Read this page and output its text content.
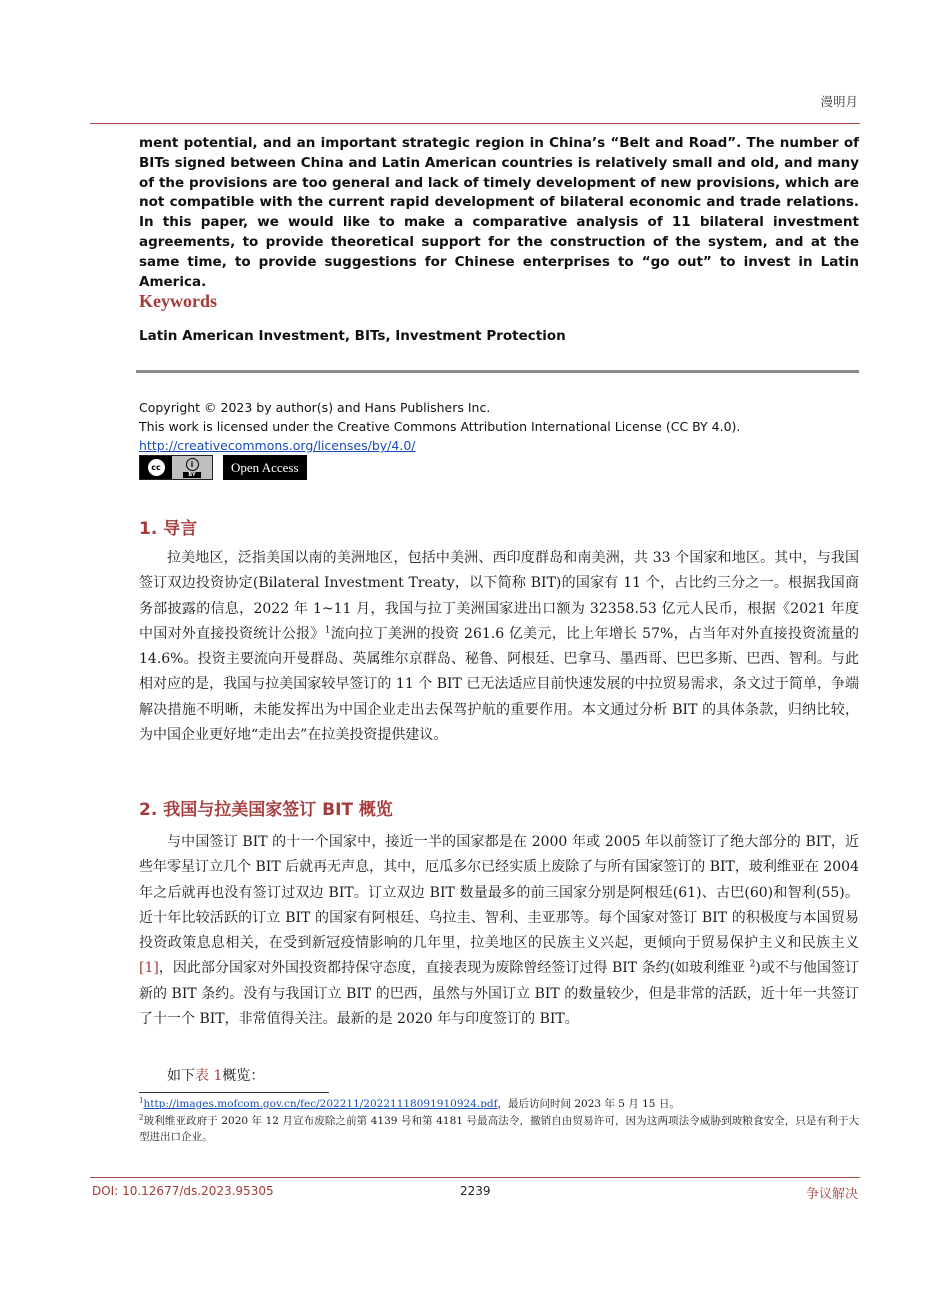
漫明月
ment potential, and an important strategic region in China’s “Belt and Road”. The number of BITs signed between China and Latin American countries is relatively small and old, and many of the provisions are too general and lack of timely development of new provisions, which are not compatible with the current rapid development of bilateral economic and trade relations. In this paper, we would like to make a comparative analysis of 11 bilateral investment agreements, to provide theoretical support for the construction of the system, and at the same time, to provide suggestions for Chinese enterprises to “go out” to invest in Latin America.
Keywords
Latin American Investment, BITs, Investment Protection
Copyright © 2023 by author(s) and Hans Publishers Inc.
This work is licensed under the Creative Commons Attribution International License (CC BY 4.0).
http://creativecommons.org/licenses/by/4.0/
cc	i
BY	Open Access
1. 导言
拉美地区，泛指美国以南的美洲地区，包括中美洲、西印度群岛和南美洲，共 33 个国家和地区。其中，与我国签订双边投资协定(Bilateral Investment Treaty，以下简称 BIT)的国家有 11 个，占比约三分之一。根据我国商务部披露的信息，2022 年 1~11 月，我国与拉丁美洲国家进出口额为 32358.53 亿元人民币，根据《2021 年度中国对外直接投资统计公报》$^1$流向拉丁美洲的投资 261.6 亿美元，比上年增长 57%，占当年对外直接投资流量的 14.6%。投资主要流向开曼群岛、英属维尔京群岛、秘鲁、阿根廷、巴拿马、墨西哥、巴巴多斯、巴西、智利。与此相对应的是，我国与拉美国家较早签订的 11 个 BIT 已无法适应目前快速发展的中拉贸易需求，条文过于简单，争端解决措施不明晰，未能发挥出为中国企业走出去保驾护航的重要作用。本文通过分析 BIT 的具体条款，归纳比较，为中国企业更好地“走出去”在拉美投资提供建议。
2. 我国与拉美国家签订 BIT 概览
与中国签订 BIT 的十一个国家中，接近一半的国家都是在 2000 年或 2005 年以前签订了绝大部分的 BIT，近些年零星订立几个 BIT 后就再无声息，其中，厄瓜多尔已经实质上废除了与所有国家签订的 BIT，玻利维亚在 2004 年之后就再也没有签订过双边 BIT。订立双边 BIT 数量最多的前三国家分别是阿根廷(61)、古巴(60)和智利(55)。近十年比较活跃的订立 BIT 的国家有阿根廷、乌拉圭、智利、圭亚那等。每个国家对签订 BIT 的积极度与本国贸易投资政策息息相关，在受到新冠疫情影响的几年里，拉美地区的民族主义兴起，更倾向于贸易保护主义和民族主义[1]，因此部分国家对外国投资都持保守态度，直接表现为废除曾经签订过得 BIT 条约(如玻利维亚 $^2$)或不与他国签订新的 BIT 条约。没有与我国订立 BIT 的巴西，虽然与外国订立 BIT 的数量较少，但是非常的活跃，近十年一共签订了十一个 BIT，非常值得关注。最新的是 2020 年与印度签订的 BIT。
如下表 1概览：
$^1$http://images.mofcom.gov.cn/fec/202211/20221118091910924.pdf，最后访问时间 2023 年 5 月 15 日。
$^2$玻利维亚政府于 2020 年 12 月宣布废除之前第 4139 号和第 4181 号最高法令，撤销自由贸易许可，因为这两项法令威胁到玻粮食安全，只是有利于大型进出口企业。
DOI: 10.12677/ds.2023.95305	2239	争议解决
